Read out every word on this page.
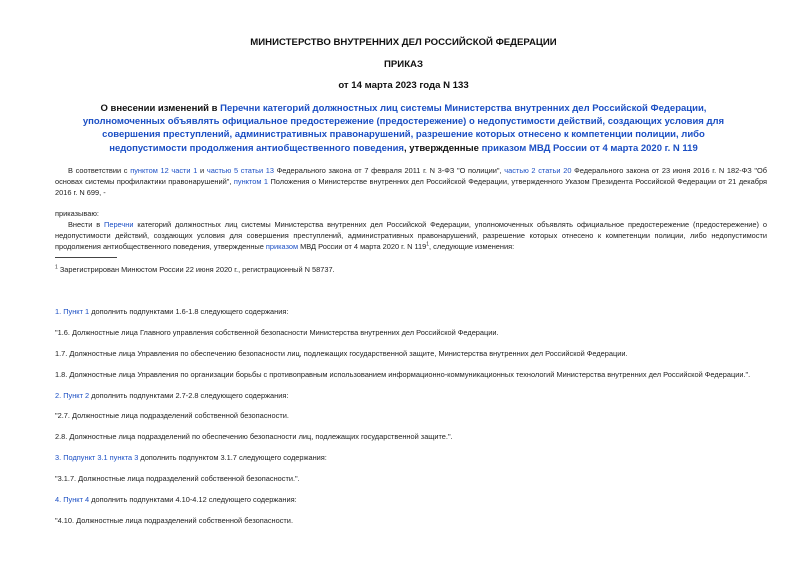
МИНИСТЕРСТВО ВНУТРЕННИХ ДЕЛ РОССИЙСКОЙ ФЕДЕРАЦИИ
ПРИКАЗ
от 14 марта 2023 года N 133
О внесении изменений в Перечни категорий должностных лиц системы Министерства внутренних дел Российской Федерации, уполномоченных объявлять официальное предостережение (предостережение) о недопустимости действий, создающих условия для совершения преступлений, административных правонарушений, разрешение которых отнесено к компетенции полиции, либо недопустимости продолжения антиобщественного поведения, утвержденные приказом МВД России от 4 марта 2020 г. N 119
В соответствии с пунктом 12 части 1 и частью 5 статьи 13 Федерального закона от 7 февраля 2011 г. N 3-ФЗ "О полиции", частью 2 статьи 20 Федерального закона от 23 июня 2016 г. N 182-ФЗ "Об основах системы профилактики правонарушений", пунктом 1 Положения о Министерстве внутренних дел Российской Федерации, утвержденного Указом Президента Российской Федерации от 21 декабря 2016 г. N 699, -
приказываю:
Внести в Перечни категорий должностных лиц системы Министерства внутренних дел Российской Федерации, уполномоченных объявлять официальное предостережение (предостережение) о недопустимости действий, создающих условия для совершения преступлений, административных правонарушений, разрешение которых отнесено к компетенции полиции, либо недопустимости продолжения антиобщественного поведения, утвержденные приказом МВД России от 4 марта 2020 г. N $119^1$, следующие изменения:
$^1$ Зарегистрирован Минюстом России 22 июня 2020 г., регистрационный N 58737.
1. Пункт 1 дополнить подпунктами 1.6-1.8 следующего содержания:
"1.6. Должностные лица Главного управления собственной безопасности Министерства внутренних дел Российской Федерации.
1.7. Должностные лица Управления по обеспечению безопасности лиц, подлежащих государственной защите, Министерства внутренних дел Российской Федерации.
1.8. Должностные лица Управления по организации борьбы с противоправным использованием информационно-коммуникационных технологий Министерства внутренних дел Российской Федерации.".
2. Пункт 2 дополнить подпунктами 2.7-2.8 следующего содержания:
"2.7. Должностные лица подразделений собственной безопасности.
2.8. Должностные лица подразделений по обеспечению безопасности лиц, подлежащих государственной защите.".
3. Подпункт 3.1 пункта 3 дополнить подпунктом 3.1.7 следующего содержания:
"3.1.7. Должностные лица подразделений собственной безопасности.".
4. Пункт 4 дополнить подпунктами 4.10-4.12 следующего содержания:
"4.10. Должностные лица подразделений собственной безопасности.
